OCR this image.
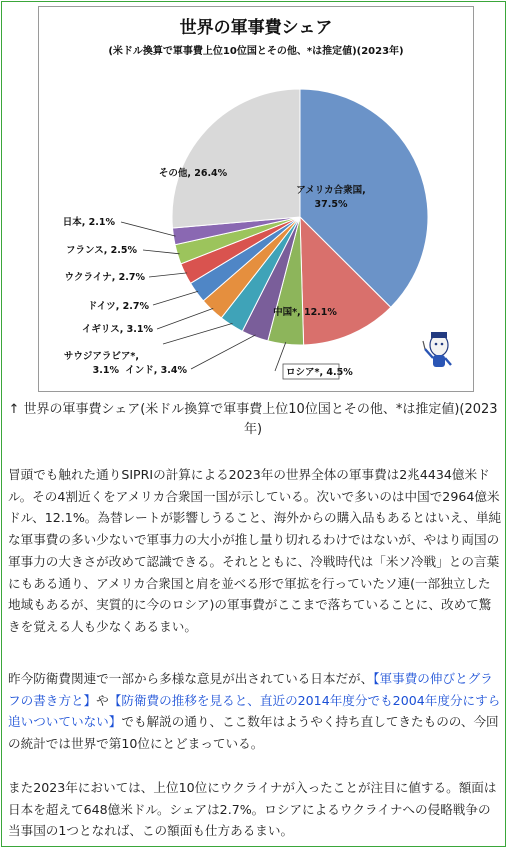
世界の軍事費シェア
(米ドル換算で軍事費上位10位国とその他、*は推定値)(2023年)
アメリカ合衆国, 37.5%
中国*, 12.1%
ロシア*, 4.5%
インド, 3.4%
サウジアラビア*, 3.1%
イギリス, 3.1%
ドイツ, 2.7%
ウクライナ, 2.7%
フランス, 2.5%
日本, 2.1%
その他, 26.4%
↑ 世界の軍事費シェア(米ドル換算で軍事費上位10位国とその他、*は推定値)(2023年)
冒頭でも触れた通りSIPRIの計算による2023年の世界全体の軍事費は2兆4434億米ドル。その4割近くをアメリカ合衆国一国が示している。次いで多いのは中国で2964億米ドル、12.1%。為替レートが影響しうること、海外からの購入品もあるとはいえ、単純な軍事費の多い少ないで軍事力の大小が推し量り切れるわけではないが、やはり両国の軍事力の大きさが改めて認識できる。それとともに、冷戦時代は「米ソ冷戦」との言葉にもある通り、アメリカ合衆国と肩を並べる形で軍拡を行っていたソ連(一部独立した地域もあるが、実質的に今のロシア)の軍事費がここまで落ちていることに、改めて驚きを覚える人も少なくあるまい。
昨今防衛費関連で一部から多様な意見が出されている日本だが、【軍事費の伸びとグラフの書き方と】や【防衛費の推移を見ると、直近の2014年度分でも2004年度分にすら追いついていない】でも解説の通り、ここ数年はようやく持ち直してきたものの、今回の統計では世界で第10位にとどまっている。
また2023年においては、上位10位にウクライナが入ったことが注目に値する。額面は日本を超えて648億米ドル。シェアは2.7%。ロシアによるウクライナへの侵略戦争の当事国の1つとなれば、この額面も仕方あるまい。
